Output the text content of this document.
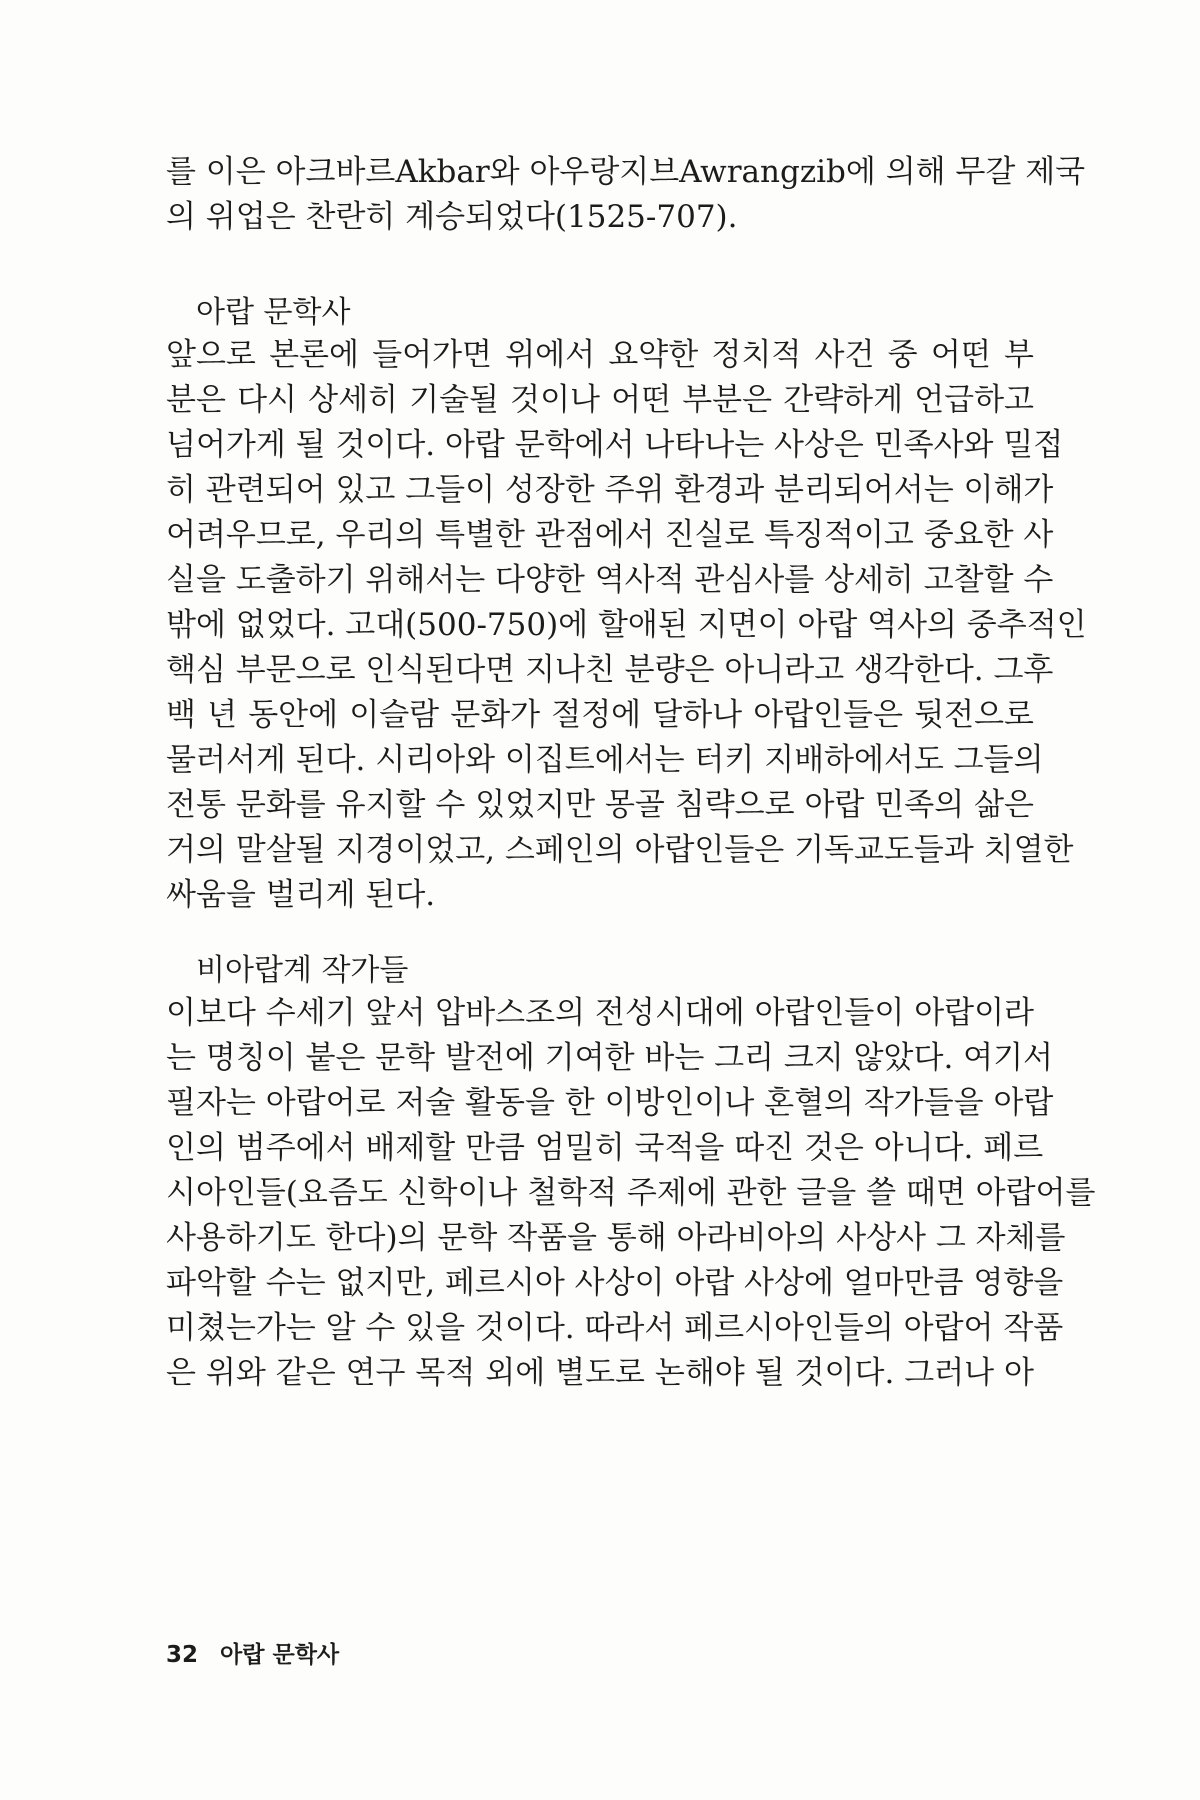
를 이은 아크바르Akbar와 아우랑지브Awrangzib에 의해 무갈 제국
의 위업은 찬란히 계승되었다(1525-707).
아랍 문학사
앞으로 본론에 들어가면 위에서 요약한 정치적 사건 중 어떤 부
분은 다시 상세히 기술될 것이나 어떤 부분은 간략하게 언급하고
넘어가게 될 것이다. 아랍 문학에서 나타나는 사상은 민족사와 밀접
히 관련되어 있고 그들이 성장한 주위 환경과 분리되어서는 이해가
어려우므로, 우리의 특별한 관점에서 진실로 특징적이고 중요한 사
실을 도출하기 위해서는 다양한 역사적 관심사를 상세히 고찰할 수
밖에 없었다. 고대(500-750)에 할애된 지면이 아랍 역사의 중추적인
핵심 부문으로 인식된다면 지나친 분량은 아니라고 생각한다. 그후
백 년 동안에 이슬람 문화가 절정에 달하나 아랍인들은 뒷전으로
물러서게 된다. 시리아와 이집트에서는 터키 지배하에서도 그들의
전통 문화를 유지할 수 있었지만 몽골 침략으로 아랍 민족의 삶은
거의 말살될 지경이었고, 스페인의 아랍인들은 기독교도들과 치열한
싸움을 벌리게 된다.
비아랍계 작가들
이보다 수세기 앞서 압바스조의 전성시대에 아랍인들이 아랍이라
는 명칭이 붙은 문학 발전에 기여한 바는 그리 크지 않았다. 여기서
필자는 아랍어로 저술 활동을 한 이방인이나 혼혈의 작가들을 아랍
인의 범주에서 배제할 만큼 엄밀히 국적을 따진 것은 아니다. 페르
시아인들(요즘도 신학이나 철학적 주제에 관한 글을 쓸 때면 아랍어를
사용하기도 한다)의 문학 작품을 통해 아라비아의 사상사 그 자체를
파악할 수는 없지만, 페르시아 사상이 아랍 사상에 얼마만큼 영향을
미쳤는가는 알 수 있을 것이다. 따라서 페르시아인들의 아랍어 작품
은 위와 같은 연구 목적 외에 별도로 논해야 될 것이다. 그러나 아
32 아랍 문학사
